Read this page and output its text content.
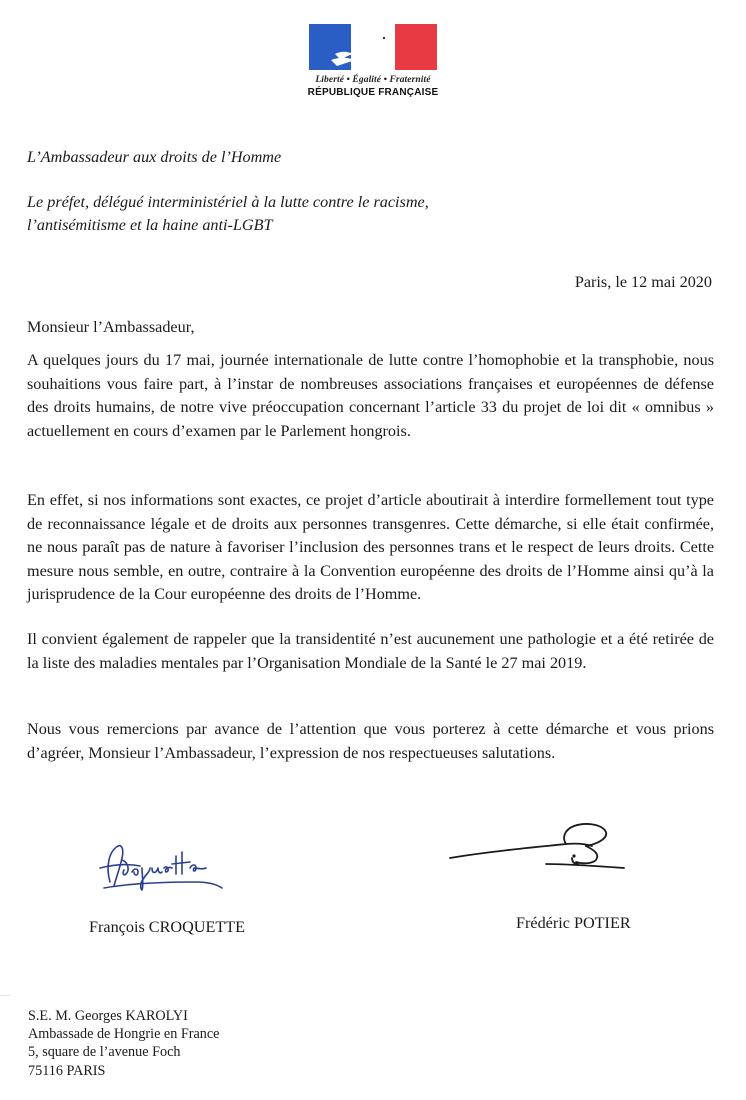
Liberté • Égalité • Fraternité
RÉPUBLIQUE FRANÇAISE
L’Ambassadeur aux droits de l’Homme
Le préfet, délégué interministériel à la lutte contre le racisme,
l’antisémitisme et la haine anti-LGBT
Paris, le 12 mai 2020
Monsieur l’Ambassadeur,
A quelques jours du 17 mai, journée internationale de lutte contre l’homophobie et la transphobie, nous souhaitions vous faire part, à l’instar de nombreuses associations françaises et européennes de défense des droits humains, de notre vive préoccupation concernant l’article 33 du projet de loi dit « omnibus » actuellement en cours d’examen par le Parlement hongrois.
En effet, si nos informations sont exactes, ce projet d’article aboutirait à interdire formellement tout type de reconnaissance légale et de droits aux personnes transgenres. Cette démarche, si elle était confirmée, ne nous paraît pas de nature à favoriser l’inclusion des personnes trans et le respect de leurs droits. Cette mesure nous semble, en outre, contraire à la Convention européenne des droits de l’Homme ainsi qu’à la jurisprudence de la Cour européenne des droits de l’Homme.
Il convient également de rappeler que la transidentité n’est aucunement une pathologie et a été retirée de la liste des maladies mentales par l’Organisation Mondiale de la Santé le 27 mai 2019.
Nous vous remercions par avance de l’attention que vous porterez à cette démarche et vous prions d’agréer, Monsieur l’Ambassadeur, l’expression de nos respectueuses salutations.
François CROQUETTE	Frédéric POTIER
S.E. M. Georges KAROLYI
Ambassade de Hongrie en France
5, square de l’avenue Foch
75116 PARIS
